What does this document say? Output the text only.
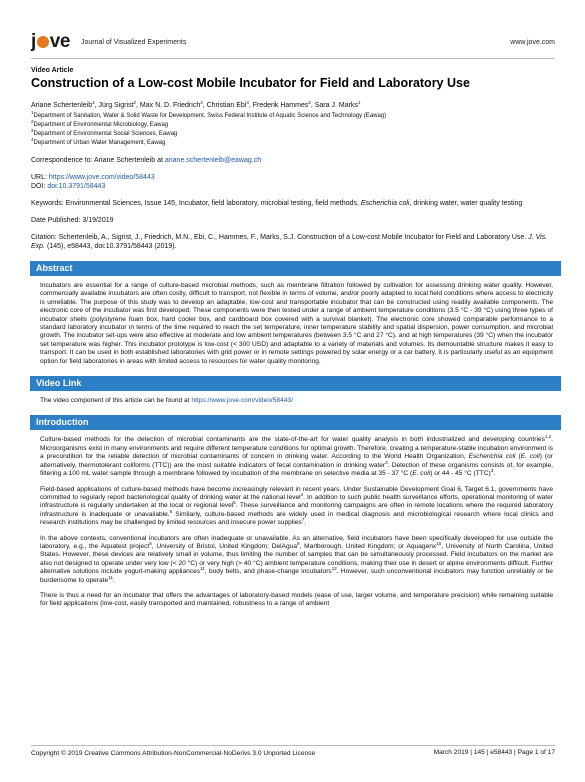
j ve Journal of Visualized Experiments	www.jove.com

Video Article

Construction of a Low-cost Mobile Incubator for Field and Laboratory Use

Ariane Schertenleib$^1$, Jürg Sigrist$^2$, Max N. D. Friedrich$^3$, Christian Ebi$^4$, Frederik Hammes$^2$, Sara J. Marks$^1$

$^1$Department of Sanitation, Water & Solid Waste for Development, Swiss Federal Institute of Aquatic Science and Technology (Eawag)

$^2$Department of Environmental Microbiology, Eawag

$^3$Department of Environmental Social Sciences, Eawag

$^4$Department of Urban Water Management, Eawag

Correspondence to: Ariane Schertenleib at ariane.schertenleib@eawag.ch

URL: https://www.jove.com/video/58443

DOI: doi:10.3791/58443

Keywords: Environmental Sciences, Issue 145, Incubator, field laboratory, microbial testing, field methods, Escherichia coli, drinking water, water quality testing

Date Published: 3/19/2019

Citation: Schertenleib, A., Sigrist, J., Friedrich, M.N., Ebi, C., Hammes, F., Marks, S.J. Construction of a Low-cost Mobile Incubator for Field and Laboratory Use. J. Vis. Exp. (145), e58443, doi:10.3791/58443 (2019).

Abstract

Incubators are essential for a range of culture-based microbial methods, such as membrane filtration followed by cultivation for assessing drinking water quality. However, commercially available incubators are often costly, difficult to transport, not flexible in terms of volume, and/or poorly adapted to local field conditions where access to electricity is unreliable. The purpose of this study was to develop an adaptable, low-cost and transportable incubator that can be constructed using readily available components. The electronic core of the incubator was first developed. These components were then tested under a range of ambient temperature conditions (3.5 °C - 39 °C) using three types of incubator shells (polystyrene foam box, hard cooler box, and cardboard box covered with a survival blanket). The electronic core showed comparable performance to a standard laboratory incubator in terms of the time required to reach the set temperature, inner temperature stability and spatial dispersion, power consumption, and microbial growth. The incubator set-ups were also effective at moderate and low ambient temperatures (between 3.5 °C and 27 °C), and at high temperatures (39 °C) when the incubator set temperature was higher. This incubator prototype is low-cost (< 300 USD) and adaptable to a variety of materials and volumes. Its demountable structure makes it easy to transport. It can be used in both established laboratories with grid power or in remote settings powered by solar energy or a car battery. It is particularly useful as an equipment option for field laboratories in areas with limited access to resources for water quality monitoring.

Video Link

The video component of this article can be found at https://www.jove.com/video/58443/

Introduction

Culture-based methods for the detection of microbial contaminants are the state-of-the-art for water quality analysis in both industrialized and developing countries$^{1,2}$. Microorganisms exist in many environments and require different temperature conditions for optimal growth. Therefore, creating a temperature-stable incubation environment is a precondition for the reliable detection of microbial contaminants of concern in drinking water. According to the World Health Organization, Escherichia coli (E. coli) (or alternatively, thermotolerant coliforms (TTC)) are the most suitable indicators of fecal contamination in drinking water$^3$. Detection of these organisms consists of, for example, filtering a 100 mL water sample through a membrane followed by incubation of the membrane on selective media at 35 - 37 °C (E. coli) or 44 - 45 °C (TTC)$^3$.

Field-based applications of culture-based methods have become increasingly relevant in recent years. Under Sustainable Development Goal 6, Target 6.1, governments have committed to regularly report bacteriological quality of drinking water at the national level$^4$. In addition to such public health surveillance efforts, operational monitoring of water infrastructure is regularly undertaken at the local or regional level$^5$. These surveillance and monitoring campaigns are often in remote locations where the required laboratory infrastructure is inadequate or unavailable.$^6$ Similarly, culture-based methods are widely used in medical diagnosis and microbiological research where local clinics and research institutions may be challenged by limited resources and insecure power supplies$^7$.

In the above contexts, conventional incubators are often inadequate or unavailable. As an alternative, field incubators have been specifically developed for use outside the laboratory, e.g., the Aquatest project$^8$, University of Bristol, United Kingdom; DelAgua$^9$, Marlborough, United Kingdom; or Aquagenx$^{10}$, University of North Carolina, United States. However, these devices are relatively small in volume, thus limiting the number of samples that can be simultaneously processed. Field incubators on the market are also not designed to operate under very low (< 20 °C) or very high (> 40 °C) ambient temperature conditions, making their use in desert or alpine environments difficult. Further alternative solutions include yogurt-making appliances$^{11}$, body belts, and phase-change incubators$^{12}$. However, such unconventional incubators may function unreliably or be burdensome to operate$^{11}$.

There is thus a need for an incubator that offers the advantages of laboratory-based models (ease of use, larger volume, and temperature precision) while remaining suitable for field applications (low-cost, easily transported and maintained, robustness to a range of ambient

Copyright © 2019 Creative Commons Attribution-NonCommercial-NoDerivs 3.0 Unported License	March 2019 | 145 | e58443 | Page 1 of 17
